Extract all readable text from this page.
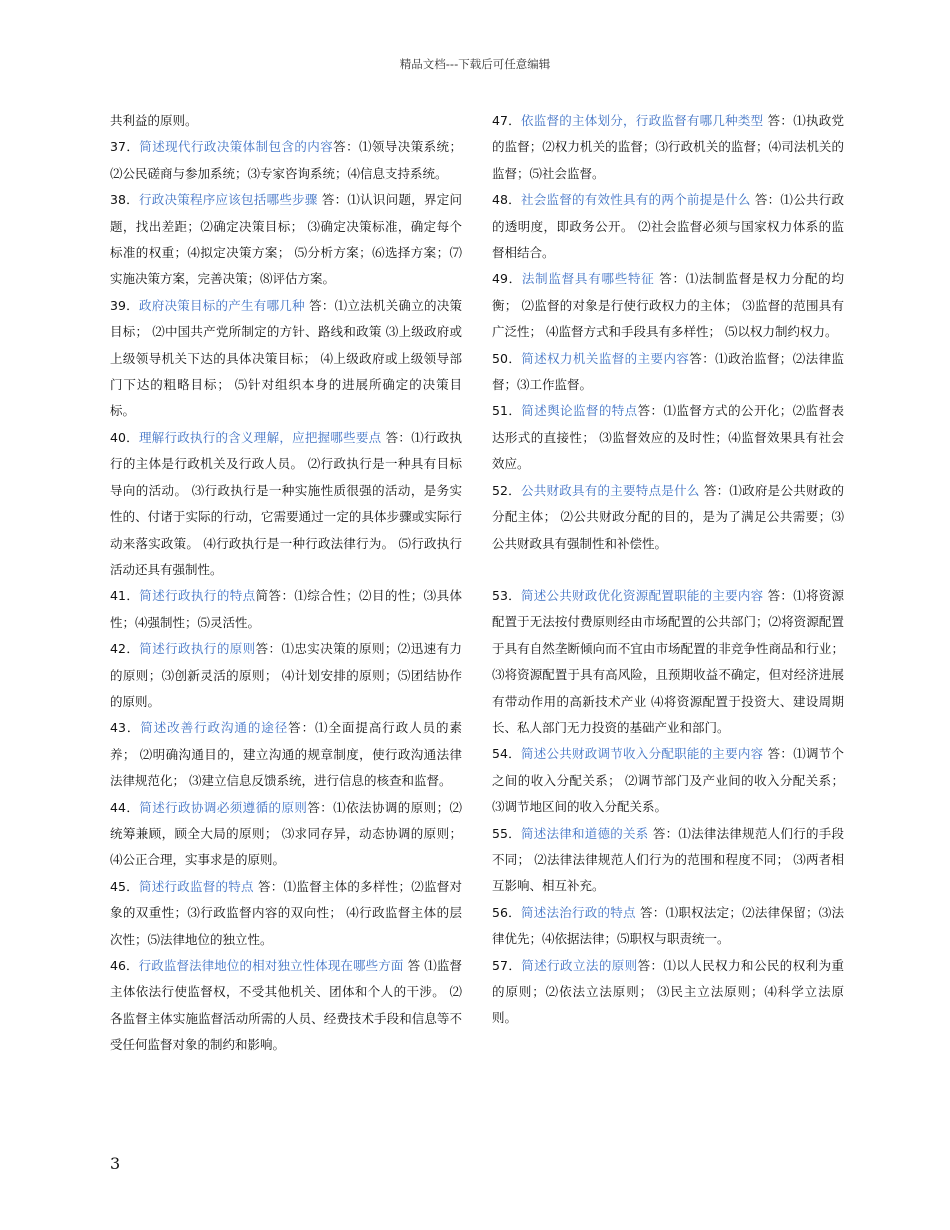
精品文档---下载后可任意编辑

共利益的原则。

37．简述现代行政决策体制包含的内容答：⑴领导决策系统；⑵公民磋商与参加系统；⑶专家咨询系统；⑷信息支持系统。

38．行政决策程序应该包括哪些步骤 答：⑴认识问题，界定问题，找出差距；⑵确定决策目标； ⑶确定决策标准，确定每个标准的权重；⑷拟定决策方案； ⑸分析方案；⑹选择方案；⑺实施决策方案，完善决策；⑻评估方案。

39．政府决策目标的产生有哪几种 答：⑴立法机关确立的决策目标； ⑵中国共产党所制定的方针、路线和政策 ⑶上级政府或上级领导机关下达的具体决策目标； ⑷上级政府或上级领导部门下达的粗略目标； ⑸针对组织本身的进展所确定的决策目标。

40．理解行政执行的含义理解，应把握哪些要点 答：⑴行政执行的主体是行政机关及行政人员。 ⑵行政执行是一种具有目标导向的活动。 ⑶行政执行是一种实施性质很强的活动，是务实性的、付诸于实际的行动，它需要通过一定的具体步骤或实际行动来落实政策。 ⑷行政执行是一种行政法律行为。 ⑸行政执行活动还具有强制性。

41．简述行政执行的特点简答：⑴综合性；⑵目的性；⑶具体性；⑷强制性；⑸灵活性。

42．简述行政执行的原则答：⑴忠实决策的原则；⑵迅速有力的原则；⑶创新灵活的原则； ⑷计划安排的原则；⑸团结协作的原则。

43．简述改善行政沟通的途径答：⑴全面提高行政人员的素养； ⑵明确沟通目的，建立沟通的规章制度，使行政沟通法律法律规范化； ⑶建立信息反馈系统，进行信息的核查和监督。

44．简述行政协调必须遵循的原则答：⑴依法协调的原则；⑵统筹兼顾，顾全大局的原则； ⑶求同存异，动态协调的原则；⑷公正合理，实事求是的原则。

45．简述行政监督的特点 答：⑴监督主体的多样性；⑵监督对象的双重性；⑶行政监督内容的双向性； ⑷行政监督主体的层次性；⑸法律地位的独立性。

46．行政监督法律地位的相对独立性体现在哪些方面 答 ⑴监督主体依法行使监督权，不受其他机关、团体和个人的干涉。 ⑵各监督主体实施监督活动所需的人员、经费技术手段和信息等不受任何监督对象的制约和影响。

47．依监督的主体划分，行政监督有哪几种类型 答：⑴执政党的监督；⑵权力机关的监督；⑶行政机关的监督；⑷司法机关的监督；⑸社会监督。

48．社会监督的有效性具有的两个前提是什么 答：⑴公共行政的透明度，即政务公开。 ⑵社会监督必须与国家权力体系的监督相结合。

49．法制监督具有哪些特征 答：⑴法制监督是权力分配的均衡； ⑵监督的对象是行使行政权力的主体； ⑶监督的范围具有广泛性； ⑷监督方式和手段具有多样性； ⑸以权力制约权力。

50．简述权力机关监督的主要内容答：⑴政治监督；⑵法律监督；⑶工作监督。

51．简述舆论监督的特点答：⑴监督方式的公开化；⑵监督表达形式的直接性； ⑶监督效应的及时性；⑷监督效果具有社会效应。

52．公共财政具有的主要特点是什么 答：⑴政府是公共财政的分配主体； ⑵公共财政分配的目的，是为了满足公共需要；⑶公共财政具有强制性和补偿性。

53．简述公共财政优化资源配置职能的主要内容 答：⑴将资源配置于无法按付费原则经由市场配置的公共部门；⑵将资源配置于具有自然垄断倾向而不宜由市场配置的非竞争性商品和行业； ⑶将资源配置于具有高风险，且预期收益不确定，但对经济进展有带动作用的高新技术产业 ⑷将资源配置于投资大、建设周期长、私人部门无力投资的基础产业和部门。

54．简述公共财政调节收入分配职能的主要内容 答：⑴调节个之间的收入分配关系； ⑵调节部门及产业间的收入分配关系； ⑶调节地区间的收入分配关系。

55．简述法律和道德的关系 答：⑴法律法律规范人们行的手段不同； ⑵法律法律规范人们行为的范围和程度不同； ⑶两者相互影响、相互补充。

56．简述法治行政的特点 答：⑴职权法定；⑵法律保留；⑶法律优先；⑷依据法律；⑸职权与职责统一。

57．简述行政立法的原则答：⑴以人民权力和公民的权利为重的原则；⑵依法立法原则； ⑶民主立法原则；⑷科学立法原则。

3
